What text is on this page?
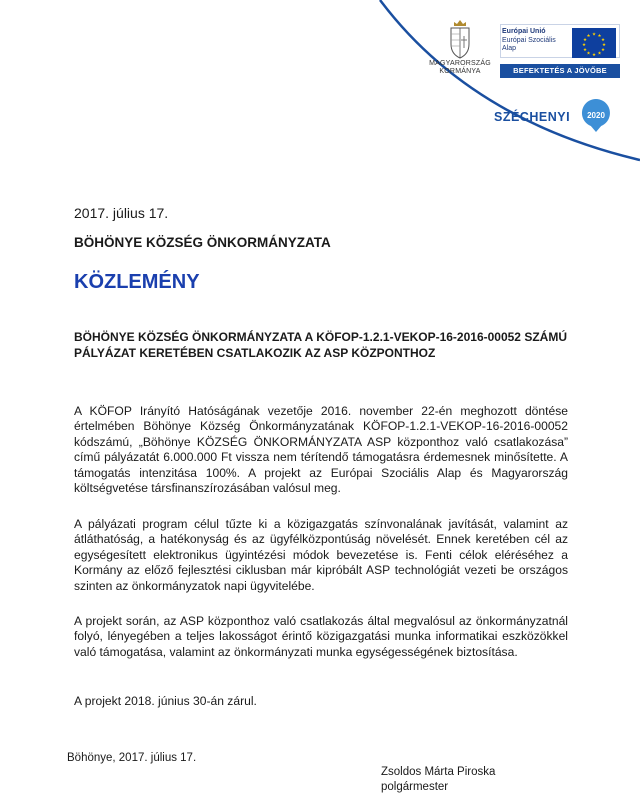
MAGYARORSZÁG KORMÁNYA
Európai Unió
Európai Szociális
Alap
★ ★
★
★
★
★
★
★
★
★
★
★
BEFEKTETÉS A JÖVŐBE
SZÉCHENYI 2020
2017. július 17.
BÖHÖNYE KÖZSÉG ÖNKORMÁNYZATA
KÖZLEMÉNY
BÖHÖNYE KÖZSÉG ÖNKORMÁNYZATA A KÖFOP-1.2.1-VEKOP-16-2016-00052 SZÁMÚ PÁLYÁZAT KERETÉBEN CSATLAKOZIK AZ ASP KÖZPONTHOZ
A KÖFOP Irányító Hatóságának vezetője 2016. november 22-én meghozott döntése értelmében Böhönye Község Önkormányzatának KÖFOP-1.2.1-VEKOP-16-2016-00052 kódszámú, „Böhönye KÖZSÉG ÖNKORMÁNYZATA ASP központhoz való csatlakozása” című pályázatát 6.000.000 Ft vissza nem térítendő támogatásra érdemesnek minősítette. A támogatás intenzitása 100%. A projekt az Európai Szociális Alap és Magyarország költségvetése társfinanszírozásában valósul meg.
A pályázati program célul tűzte ki a közigazgatás színvonalának javítását, valamint az átláthatóság, a hatékonyság és az ügyfélközpontúság növelését. Ennek keretében cél az egységesített elektronikus ügyintézési módok bevezetése is. Fenti célok eléréséhez a Kormány az előző fejlesztési ciklusban már kipróbált ASP technológiát vezeti be országos szinten az önkormányzatok napi ügyvitelébe.
A projekt során, az ASP központhoz való csatlakozás által megvalósul az önkormányzatnál folyó, lényegében a teljes lakosságot érintő közigazgatási munka informatikai eszközökkel való támogatása, valamint az önkormányzati munka egységességének biztosítása.
A projekt 2018. június 30-án zárul.
Böhönye, 2017. július 17.
Zsoldos Márta Piroska
polgármester
